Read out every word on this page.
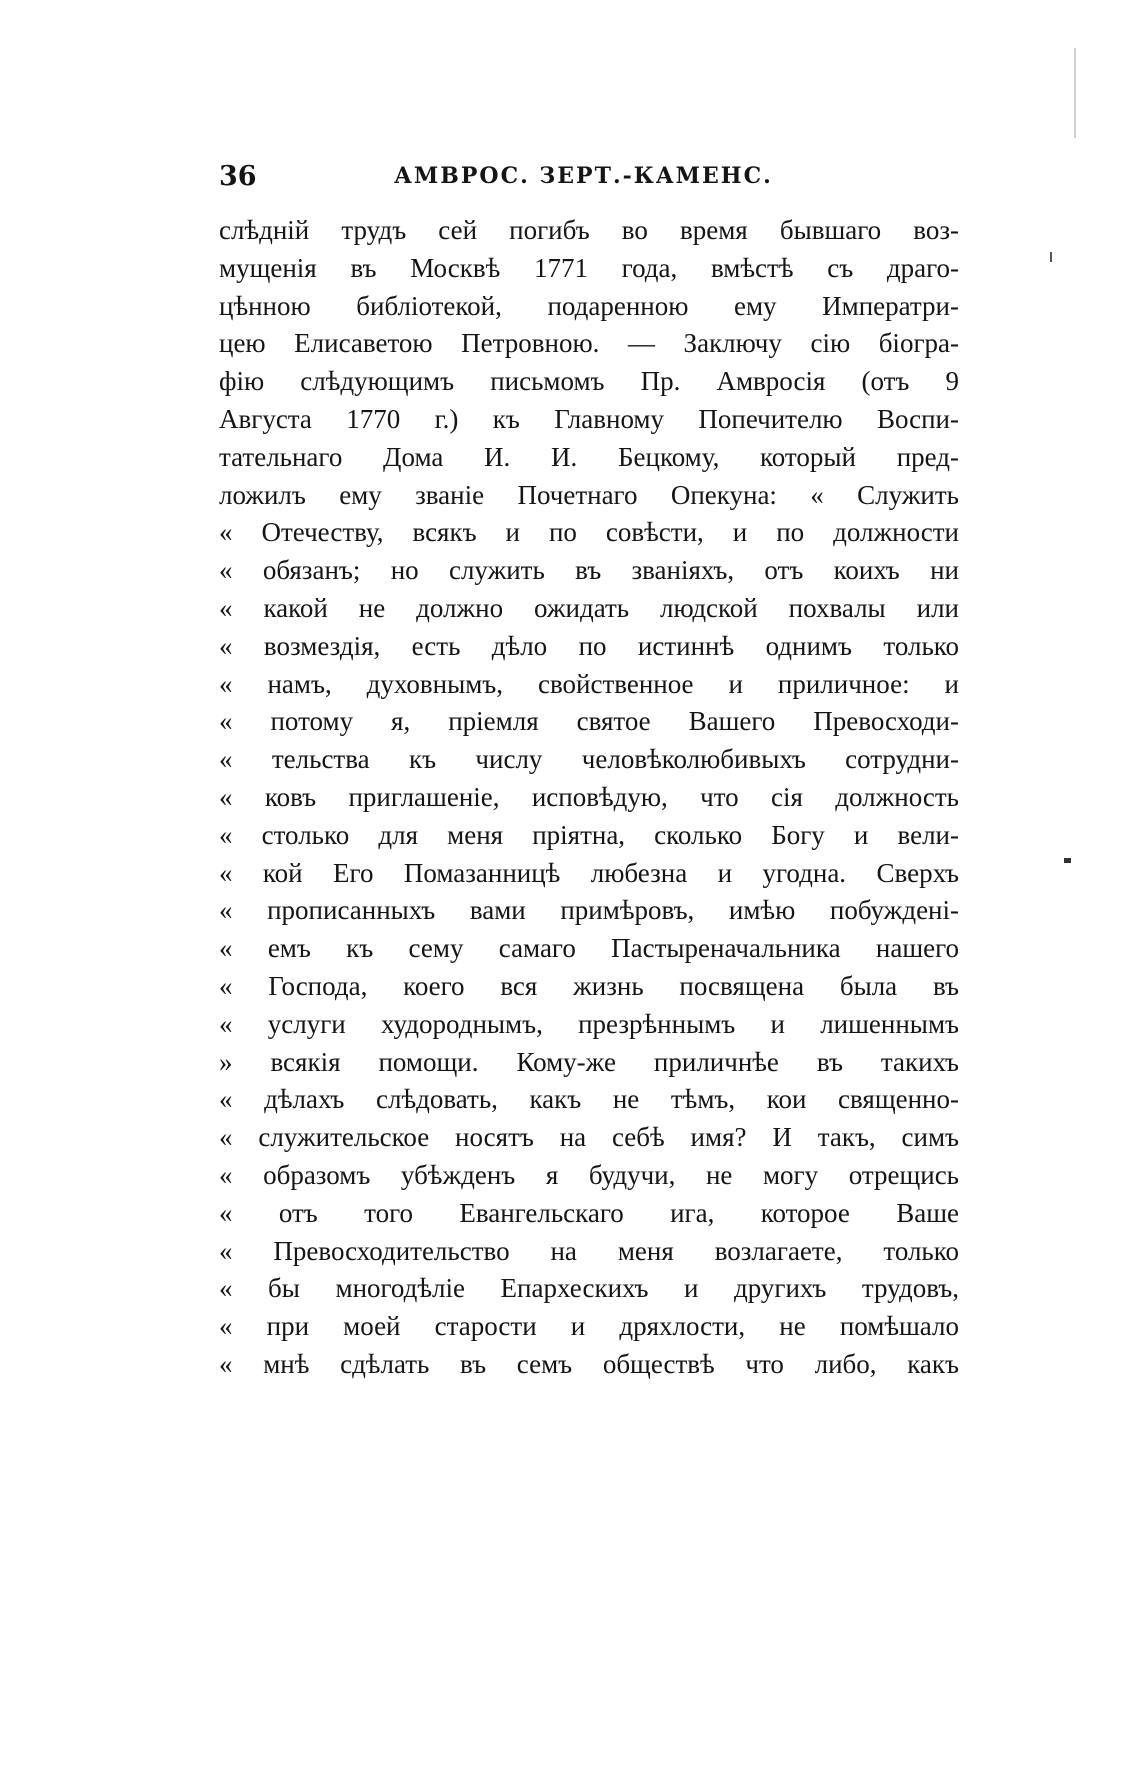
36	АМВРОС. ЗЕРТ.-КАМЕНС.
слѣдній трудъ сей погибъ во время бывшаго воз-
мущенія въ Москвѣ 1771 года, вмѣстѣ съ драго-
цѣнною библіотекой, подаренною ему Императри-
цею Елисаветою Петровною. — Заключу сію біогра-
фію слѣдующимъ письмомъ Пр. Амвросія (отъ 9
Августа 1770 г.) къ Главному Попечителю Воспи-
тательнаго Дома И. И. Бецкому, который пред-
ложилъ ему званіе Почетнаго Опекуна: « Служить
« Отечеству, всякъ и по совѣсти, и по должности
« обязанъ; но служить въ званіяхъ, отъ коихъ ни
« какой не должно ожидать людской похвалы или
« возмездія, есть дѣло по истиннѣ однимъ только
« намъ, духовнымъ, свойственное и приличное: и
« потому я, пріемля святое Вашего Превосходи-
« тельства къ числу человѣколюбивыхъ сотрудни-
« ковъ приглашеніе, исповѣдую, что сія должность
« столько для меня пріятна, сколько Богу и вели-
« кой Его Помазанницѣ любезна и угодна. Сверхъ
« прописанныхъ вами примѣровъ, имѣю побужденi-
« емъ къ сему самаго Пастыреначальника нашего
« Господа, коего вся жизнь посвящена была въ
« услуги худороднымъ, презрѣннымъ и лишеннымъ
» всякія помощи. Кому-же приличнѣе въ такихъ
« дѣлахъ слѣдовать, какъ не тѣмъ, кои священно-
« служительское носятъ на себѣ имя? И такъ, симъ
« образомъ убѣжденъ я будучи, не могу отрещись
« отъ того Евангельскаго ига, которое Ваше
« Превосходительство на меня возлагаете, только
« бы многодѣліе Епархескихъ и другихъ трудовъ,
« при моей старости и дряхлости, не помѣшало
« мнѣ сдѣлать въ семъ обществѣ что либо, какъ
